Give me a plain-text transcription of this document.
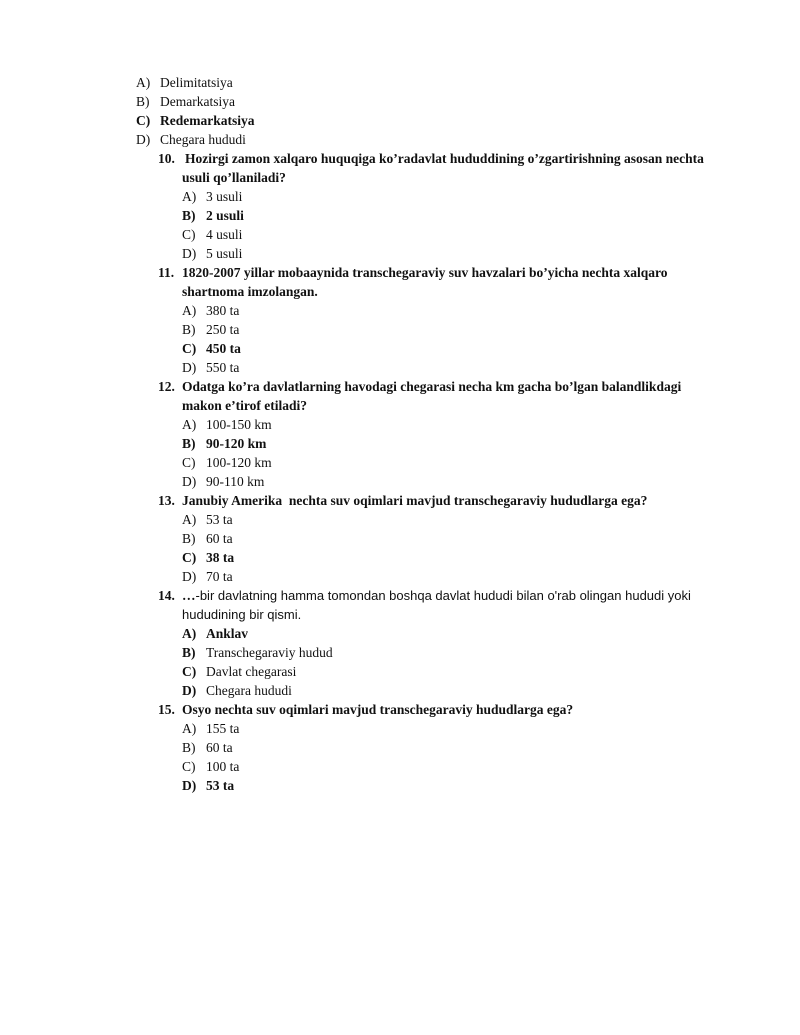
A) Delimitatsiya
B) Demarkatsiya
C) Redemarkatsiya
D) Chegara hududi
10. Hozirgi zamon xalqaro huquqiga ko’radavlat hududdining o’zgartirishning asosan nechta
usuli qo’llaniladi?
A) 3 usuli
B) 2 usuli
C) 4 usuli
D) 5 usuli
11. 1820-2007 yillar mobaaynida transchegaraviy suv havzalari bo’yicha nechta xalqaro
shartnoma imzolangan.
A) 380 ta
B) 250 ta
C) 450 ta
D) 550 ta
12. Odatga ko’ra davlatlarning havodagi chegarasi necha km gacha bo’lgan balandlikdagi
makon e’tirof etiladi?
A) 100-150 km
B) 90-120 km
C) 100-120 km
D) 90-110 km
13. Janubiy Amerika  nechta suv oqimlari mavjud transchegaraviy hududlarga ega?
A) 53 ta
B) 60 ta
C) 38 ta
D) 70 ta
14. …-bir davlatning hamma tomondan boshqa davlat hududi bilan o'rab olingan hududi yoki
hududining bir qismi.
A) Anklav
B) Transchegaraviy hudud
C) Davlat chegarasi
D) Chegara hududi
15. Osyo nechta suv oqimlari mavjud transchegaraviy hududlarga ega?
A) 155 ta
B) 60 ta
C) 100 ta
D) 53 ta
